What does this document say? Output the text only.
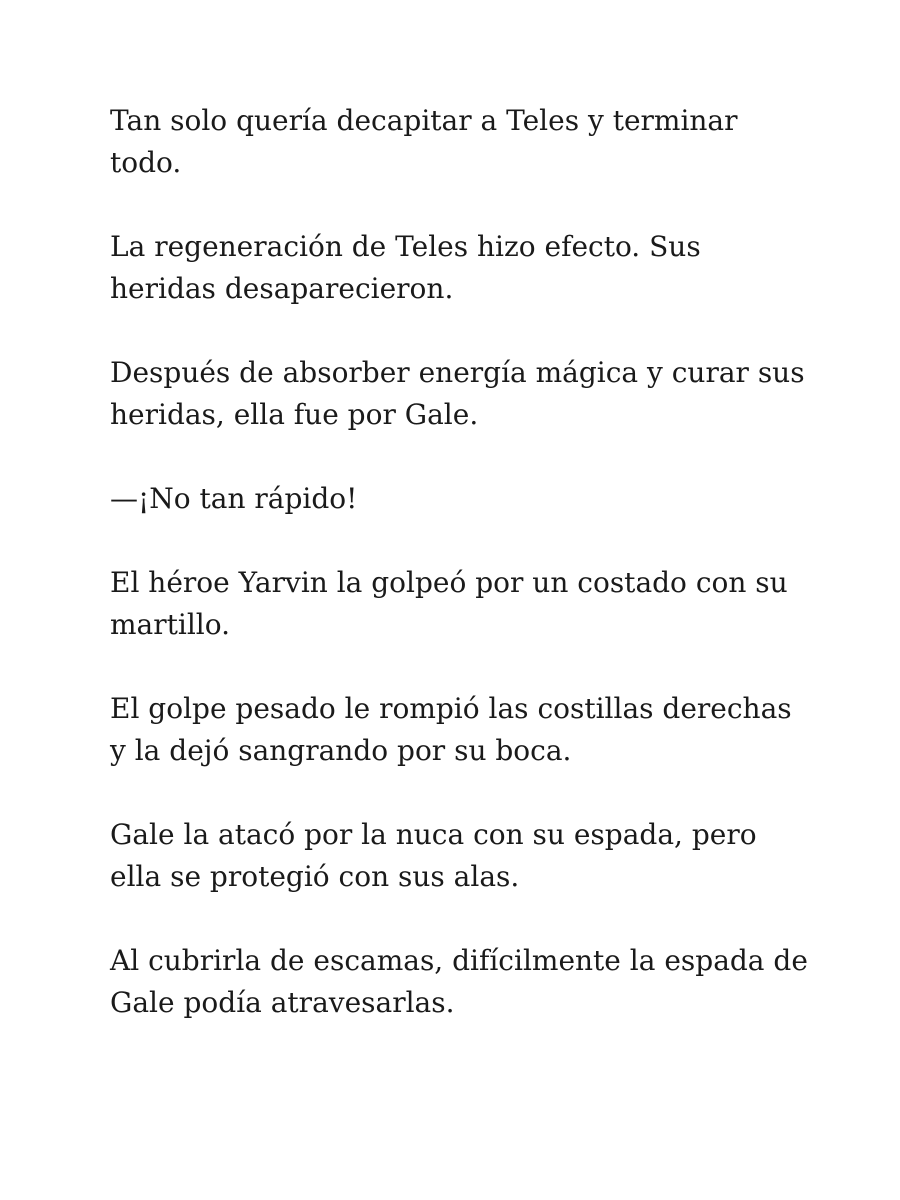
Tan solo quería decapitar a Teles y terminar
todo.

La regeneración de Teles hizo efecto. Sus
heridas desaparecieron.

Después de absorber energía mágica y curar sus
heridas, ella fue por Gale.

—¡No tan rápido!

El héroe Yarvin la golpeó por un costado con su
martillo.

El golpe pesado le rompió las costillas derechas
y la dejó sangrando por su boca.

Gale la atacó por la nuca con su espada, pero
ella se protegió con sus alas.

Al cubrirla de escamas, difícilmente la espada de
Gale podía atravesarlas.
